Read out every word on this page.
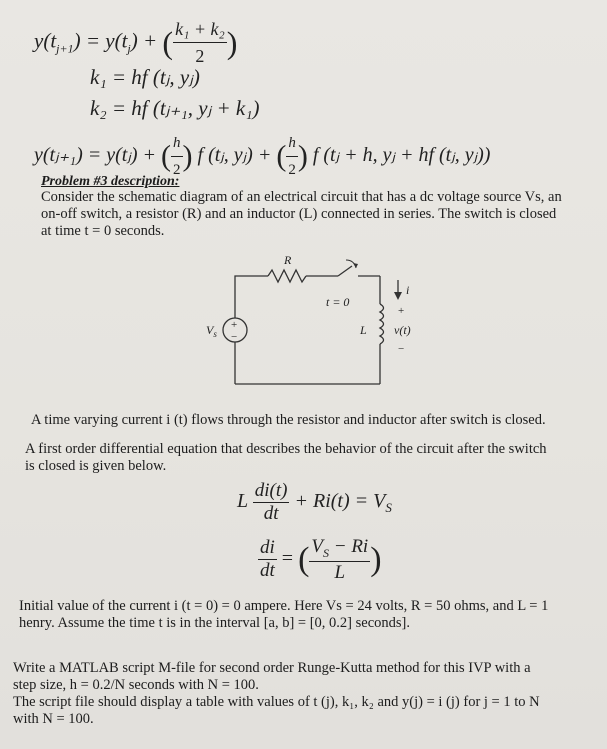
$y(t_{j+1}) = y(t_j)$ + ( $\frac{\text{k₁ + k₂}}{2}$ )
k₁ = hf (tⱼ, yⱼ)
k₂ = hf (tⱼ₊₁, yⱼ + k₁)
y(tⱼ₊₁) = y(tⱼ) + ( $\frac{h}{2}$ ) f (tⱼ, yⱼ) + ( $\frac{h}{2}$ ) f (tⱼ + h, yⱼ + hf (tⱼ, yⱼ))
Problem #3 description:
Consider the schematic diagram of an electrical circuit that has a dc voltage source Vs, an
on-off switch, a resistor (R) and an inductor (L) connected in series. The switch is closed
at time t = 0 seconds.
+
−
R
t = 0
i
$V_s$	L
+
v(t)
−
A time varying current i (t) flows through the resistor and inductor after switch is closed.
A first order differential equation that describes the behavior of the circuit after the switch
is closed is given below.
L $\frac{di(t)}{dt} + Ri(t) = V_S$
$\frac{di}{dt}$ = ( $\frac{V_S - Ri}{L}$ )
Initial value of the current i (t = 0) = 0 ampere. Here Vs = 24 volts, R = 50 ohms, and L = 1
henry. Assume the time t is in the interval [a, b] = [0, 0.2] seconds].
Write a MATLAB script M-file for second order Runge-Kutta method for this IVP with a
step size, h = 0.2/N seconds with N = 100.
The script file should display a table with values of t (j), k₁, k₂ and y(j) = i (j) for j = 1 to N
with N = 100.
